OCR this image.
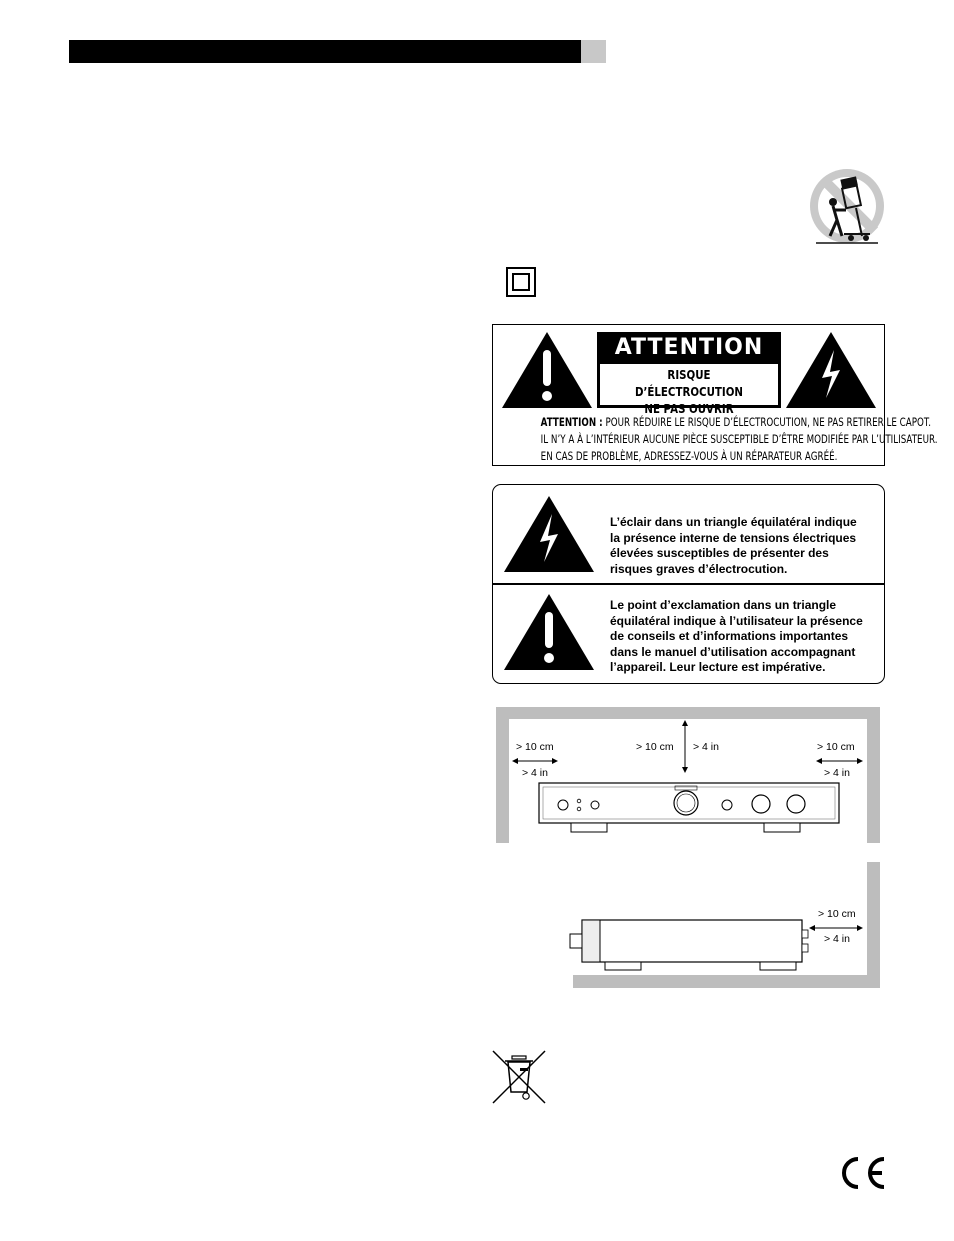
ATTENTION
RISQUE D’ÉLECTROCUTION
NE PAS OUVRIR
ATTENTION : POUR RÉDUIRE LE RISQUE D’ÉLECTROCUTION, NE PAS RETIRER LE CAPOT.
IL N’Y A À L’INTÉRIEUR AUCUNE PIÈCE SUSCEPTIBLE D’ÊTRE MODIFIÉE PAR L’UTILISATEUR.
EN CAS DE PROBLÈME, ADRESSEZ-VOUS À UN RÉPARATEUR AGRÉÉ.
L’éclair dans un triangle équilatéral indique
la présence interne de tensions électriques
élevées susceptibles de présenter des
risques graves d’électrocution.
Le point d’exclamation dans un triangle
équilatéral indique à l’utilisateur la présence
de conseils et d’informations importantes
dans le manuel d’utilisation accompagnant
l’appareil. Leur lecture est impérative.
> 10 cm
> 4 in
> 10 cm > 4 in	> 10 cm
> 4 in
> 10 cm
> 4 in
